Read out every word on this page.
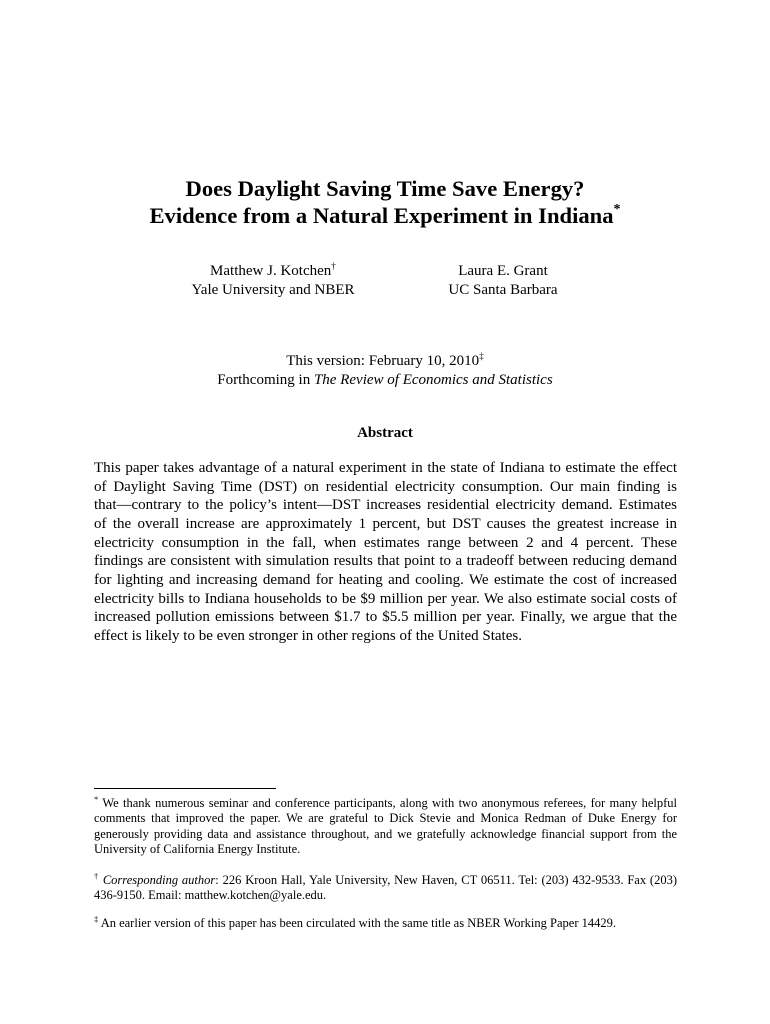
Does Daylight Saving Time Save Energy?
Evidence from a Natural Experiment in Indiana*
Matthew J. Kotchen†
Yale University and NBER
Laura E. Grant
UC Santa Barbara
This version: February 10, 2010‡
Forthcoming in The Review of Economics and Statistics
Abstract
This paper takes advantage of a natural experiment in the state of Indiana to estimate the effect
of Daylight Saving Time (DST) on residential electricity consumption. Our main finding is
that—contrary to the policy’s intent—DST increases residential electricity demand. Estimates
of the overall increase are approximately 1 percent, but DST causes the greatest increase in
electricity consumption in the fall, when estimates range between 2 and 4 percent. These
findings are consistent with simulation results that point to a tradeoff between reducing demand
for lighting and increasing demand for heating and cooling. We estimate the cost of increased
electricity bills to Indiana households to be $9 million per year. We also estimate social costs of
increased pollution emissions between $1.7 to $5.5 million per year. Finally, we argue that the
effect is likely to be even stronger in other regions of the United States.
* We thank numerous seminar and conference participants, along with two anonymous referees, for many helpful
comments that improved the paper. We are grateful to Dick Stevie and Monica Redman of Duke Energy for
generously providing data and assistance throughout, and we gratefully acknowledge financial support from the
University of California Energy Institute.
† Corresponding author: 226 Kroon Hall, Yale University, New Haven, CT 06511. Tel: (203) 432-9533. Fax (203)
436-9150. Email: matthew.kotchen@yale.edu.
‡ An earlier version of this paper has been circulated with the same title as NBER Working Paper 14429.
